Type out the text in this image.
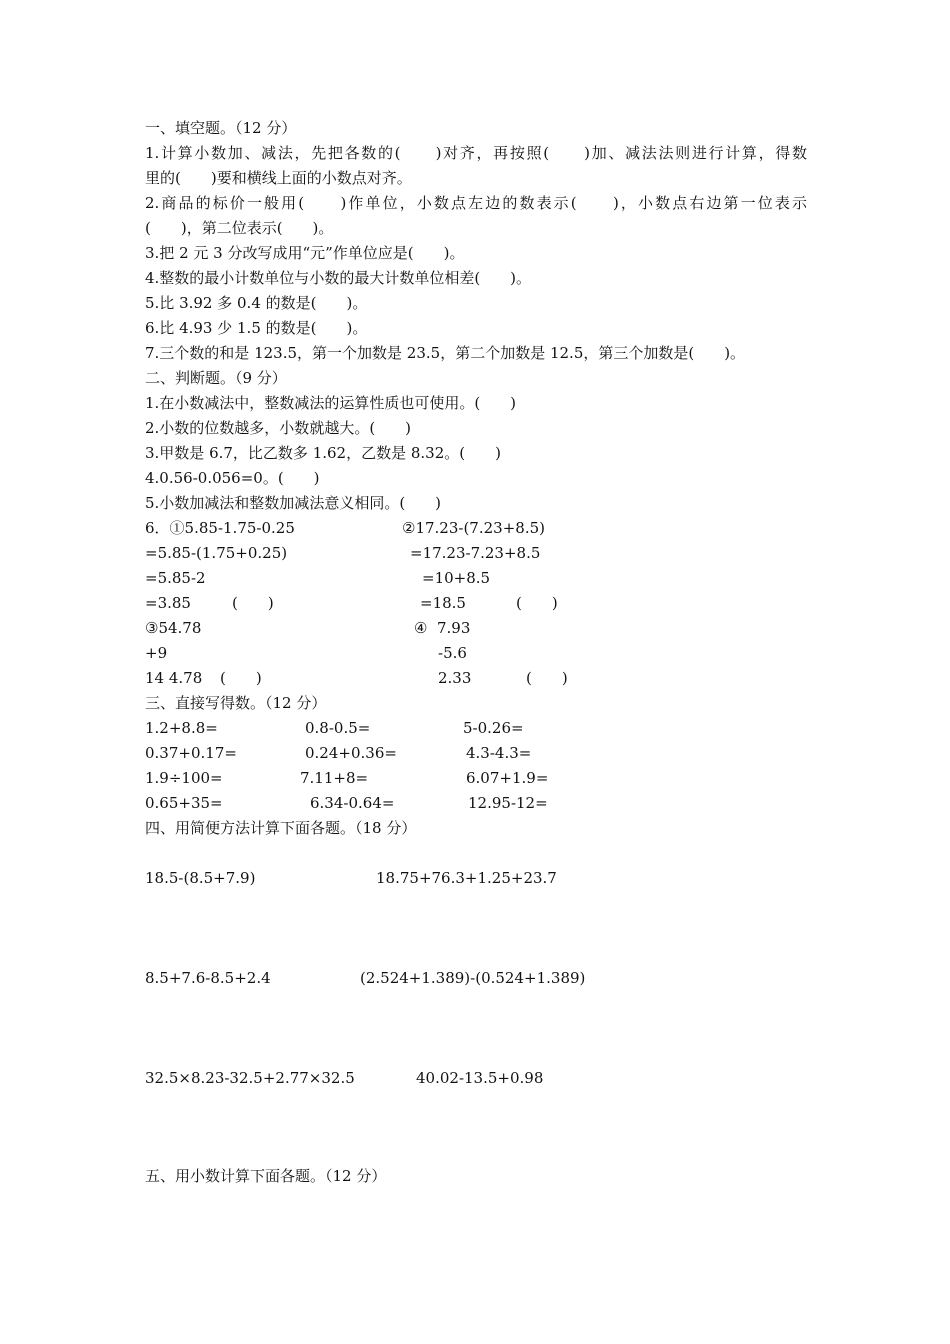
一、填空题。（12 分）
1.计算小数加、减法，先把各数的(　　)对齐，再按照(　　)加、减法法则进行计算，得数
里的(　　)要和横线上面的小数点对齐。
2.商品的标价一般用(　　)作单位，小数点左边的数表示(　　)，小数点右边第一位表示
(　　)，第二位表示(　　)。
3.把 2 元 3 分改写成用“元”作单位应是(　　)。
4.整数的最小计数单位与小数的最大计数单位相差(　　)。
5.比 3.92 多 0.4 的数是(　　)。
6.比 4.93 少 1.5 的数是(　　)。
7.三个数的和是 123.5，第一个加数是 23.5，第二个加数是 12.5，第三个加数是(　　)。
二、判断题。（9 分）
1.在小数减法中，整数减法的运算性质也可使用。(　　)
2.小数的位数越多，小数就越大。(　　)
3.甲数是 6.7，比乙数多 1.62，乙数是 8.32。(　　)
4.0.56-0.056=0。(　　)
5.小数加减法和整数加减法意义相同。(　　)
6．①5.85-1.75-0.25	②17.23-(7.23+8.5)
=5.85-(1.75+0.25)	=17.23-7.23+8.5
=5.85-2	=10+8.5
=3.85	(　　)	=18.5	(　　)
③54.78	④  7.93
+9	-5.6
14 4.78 (　　)	2.33	(　　)
三、直接写得数。（12 分）
1.2+8.8=	0.8-0.5=	5-0.26=
0.37+0.17=	0.24+0.36=	4.3-4.3=
1.9÷100=	7.11+8=	6.07+1.9=
0.65+35=	6.34-0.64=	12.95-12=
四、用简便方法计算下面各题。（18 分）
18.5-(8.5+7.9)	18.75+76.3+1.25+23.7
8.5+7.6-8.5+2.4	(2.524+1.389)-(0.524+1.389)
32.5×8.23-32.5+2.77×32.5	40.02-13.5+0.98
五、用小数计算下面各题。（12 分）
